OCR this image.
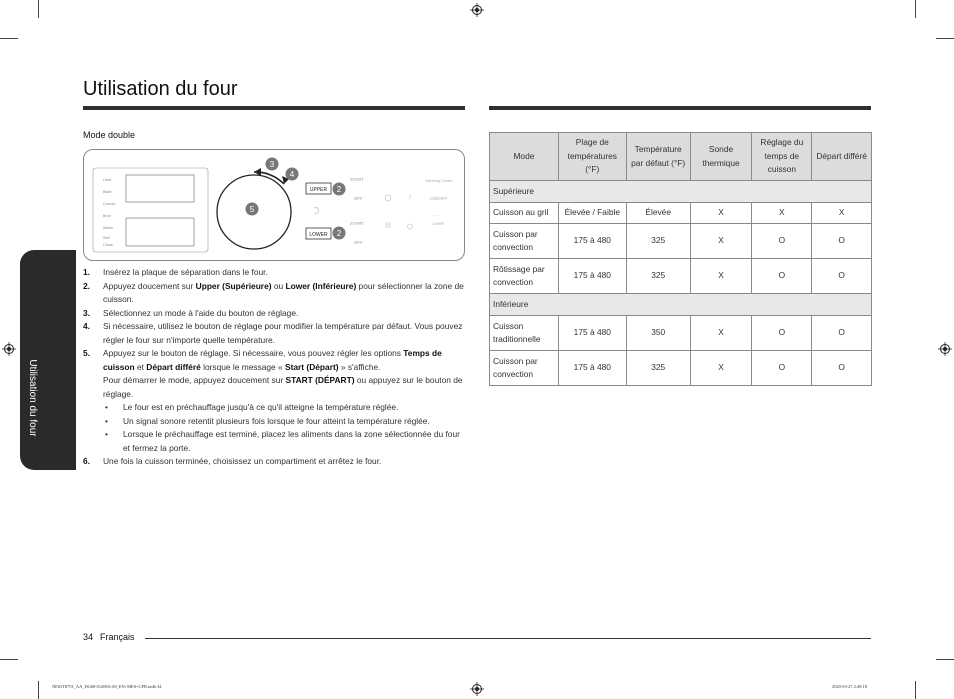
Utilisation du four
Utilisation du four
Mode double
Hold
Bake
Convec
Broil
Warm
Self
Clean
3
4
5
UPPER 2
LOWER 2
START
OFF
START
OFF
Warming Center
ON/OFF
. . .
Level
1. Insérez la plaque de séparation dans le four.
2. Appuyez doucement sur Upper (Supérieure) ou Lower (Inférieure) pour sélectionner la zone de cuisson.
3. Sélectionnez un mode à l'aide du bouton de réglage.
4. Si nécessaire, utilisez le bouton de réglage pour modifier la température par défaut. Vous pouvez régler le four sur n'importe quelle température.
5. Appuyez sur le bouton de réglage. Si nécessaire, vous pouvez régler les options Temps de cuisson et Départ différé lorsque le message « Start (Départ) » s'affiche.
Pour démarrer le mode, appuyez doucement sur START (DÉPART) ou appuyez sur le bouton de réglage.
• Le four est en préchauffage jusqu'à ce qu'il atteigne la température réglée.
• Un signal sonore retentit plusieurs fois lorsque le four atteint la température réglée.
• Lorsque le préchauffage est terminé, placez les aliments dans la zone sélectionnée du four et fermez la porte.
6. Une fois la cuisson terminée, choisissez un compartiment et arrêtez le four.
Mode	Plage de températures (°F)	Température par défaut (°F)	Sonde thermique	Réglage du temps de cuisson	Départ différé
Supérieure					
Cuisson au gril	Élevée / Faible	Élevée	X	X	X
Cuisson par convection	175 à 480	325	X	O	O
Rôtissage par convection	175 à 480	325	X	O	O
Inférieure					
Cuisson traditionnelle	175 à 480	350	X	O	O
Cuisson par convection	175 à 480	325	X	O	O
34 Français
NE63T8751_AA_DG68-01208A-00_EN+MES+CFR.indb 34	2020-03-27 2:48:18
